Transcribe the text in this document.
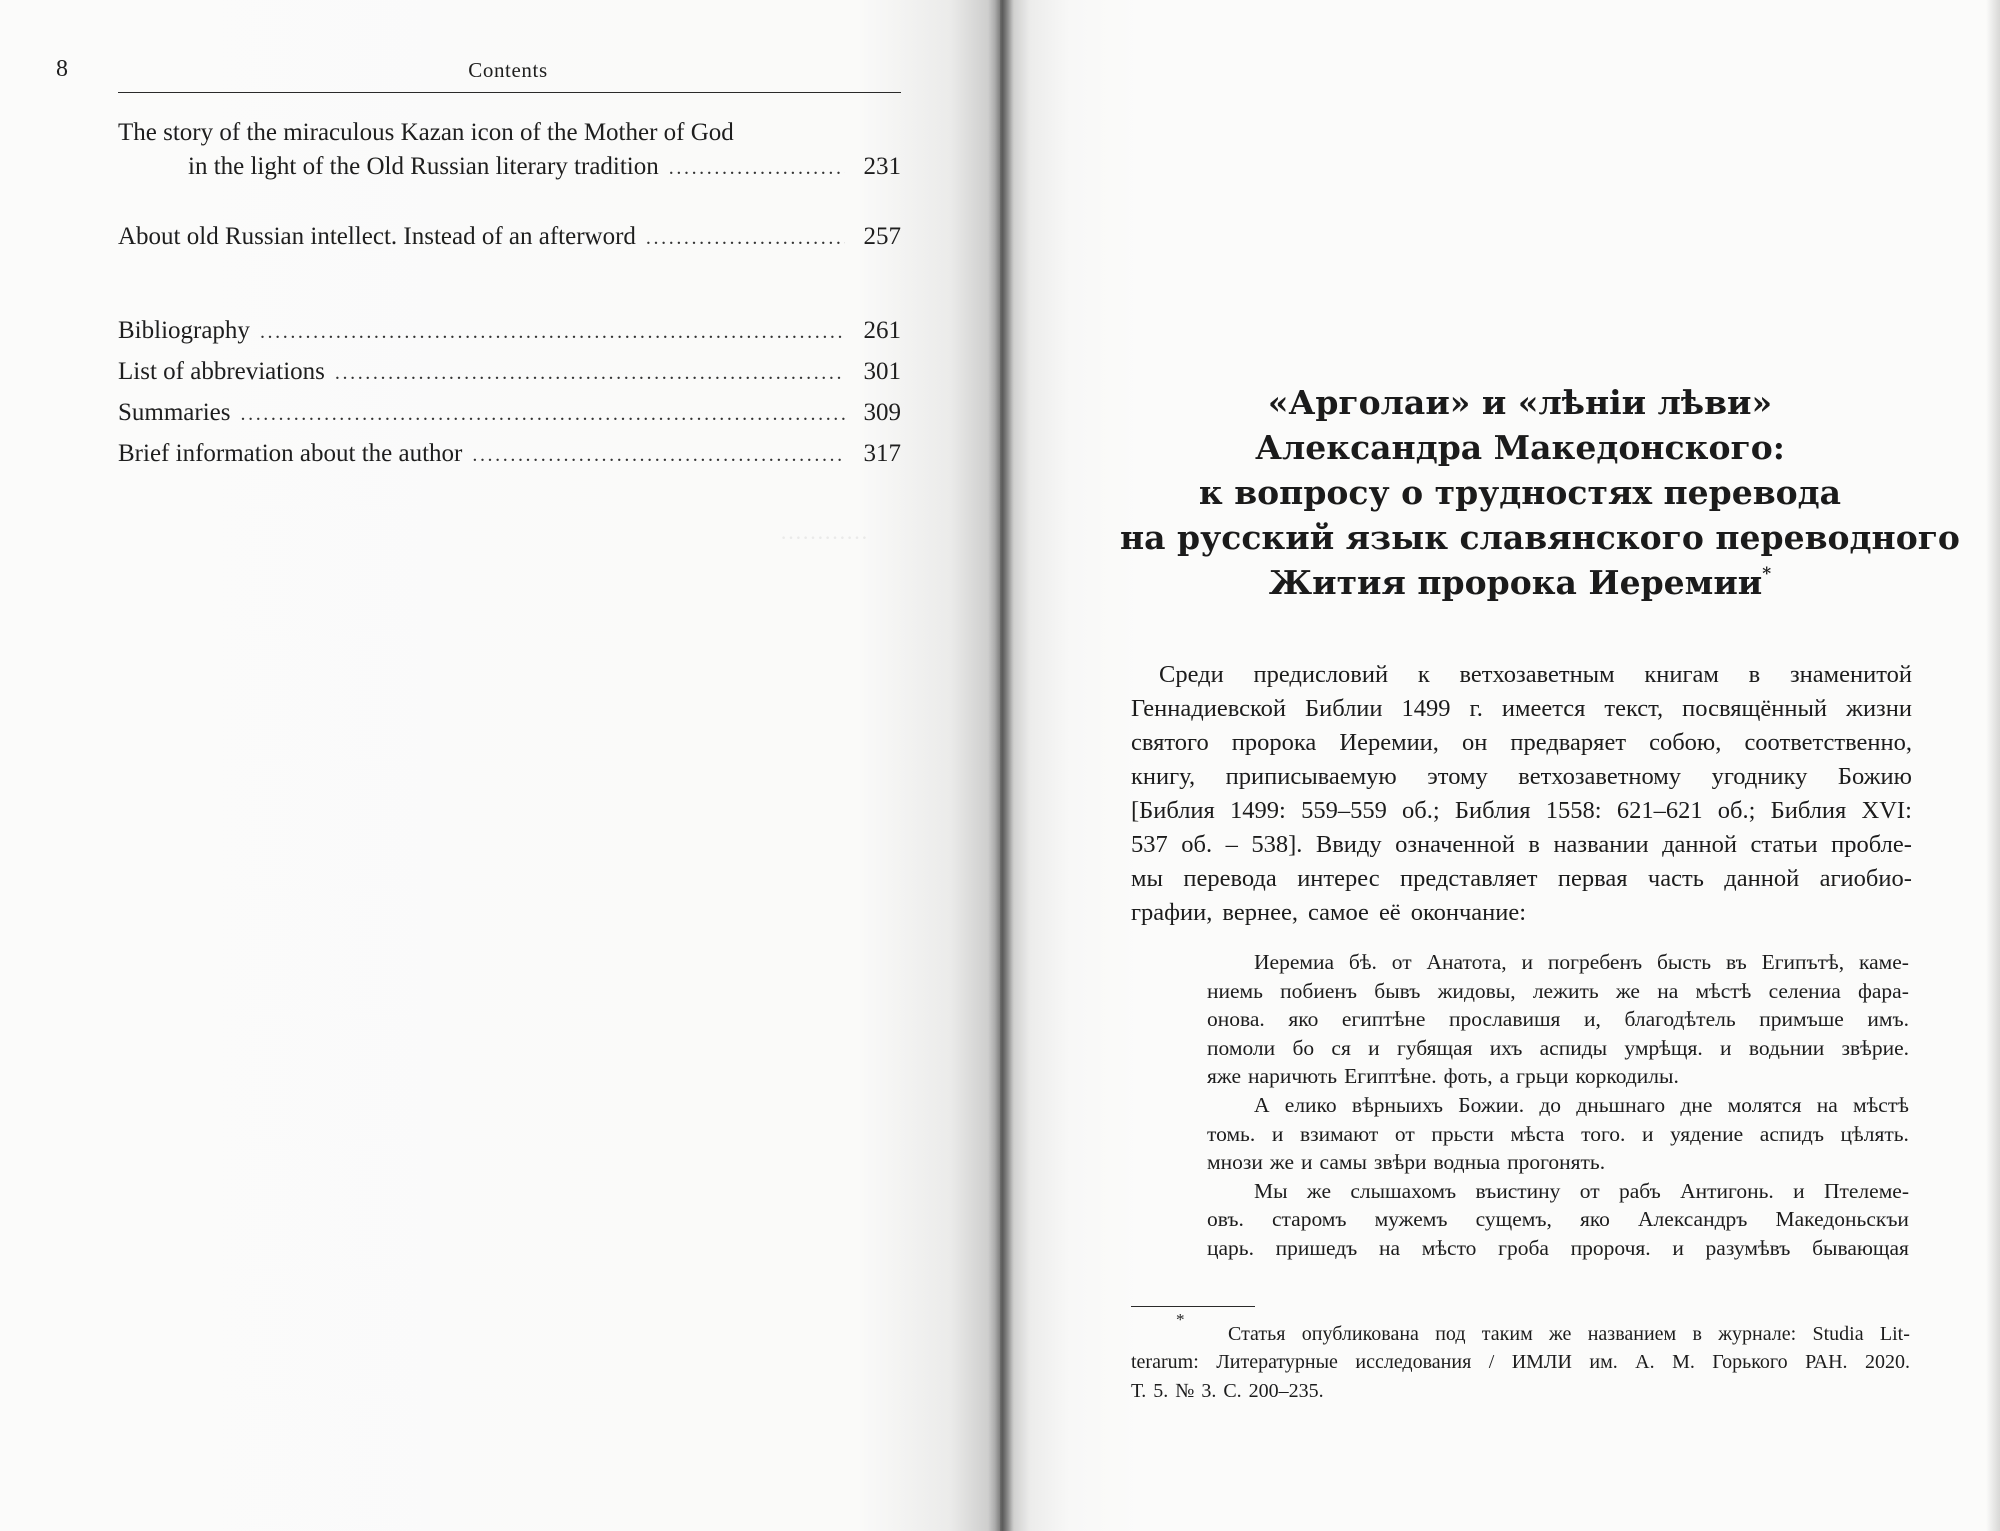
…………
8	Contents
The story of the miraculous Kazan icon of the Mother of God
in the light of the Old Russian literary tradition .....	231
About old Russian intellect. Instead of an afterword .....	257
Bibliography .....	261
List of abbreviations .....	301
Summaries .....	309
Brief information about the author .....	317
«Арголаи» и «лѣніи лѣви»
Александра Македонского:
к вопросу о трудностях перевода
на русский язык славянского переводного
Жития пророка Иеремии*
Среди предисловий к ветхозаветным книгам в знаменитой
Геннадиевской Библии 1499 г. имеется текст, посвящённый жизни
святого пророка Иеремии, он предваряет собою, соответственно,
книгу, приписываемую этому ветхозаветному угоднику Божию
[Библия 1499: 559–559 об.; Библия 1558: 621–621 об.; Библия XVI:
537 об. – 538]. Ввиду означенной в названии данной статьи пробле-
мы перевода интерес представляет первая часть данной агиобио-
графии, вернее, самое её окончание:
Иеремиа бѣ. от Анатота, и погребенъ бысть въ Египътѣ, каме-
ниемь побиенъ бывъ жидовы, лежить же на мѣстѣ селениа фара-
онова. яко египтѣне прославишя и, благодѣтель примъше имъ.
помоли бо ся и губящая ихъ аспиды умрѣщя. и водьнии звѣрие.
яже наричють Египтѣне. фоть, а грьци коркодилы.
А елико вѣрныихъ Божии. до дньшнаго дне молятся на мѣстѣ
томь. и взимают от прьсти мѣста того. и уядение аспидъ цѣлять.
мнози же и самы звѣри водныа прогонять.
Мы же слышахомъ въистину от рабъ Антигонь. и Птелеме-
овъ. старомъ мужемъ сущемъ, яко Александръ Македоньскъи
царь. пришедъ на мѣсто гроба пророчя. и разумѣвъ бывающая
*
Статья опубликована под таким же названием в журнале: Studia Lit-
terarum: Литературные исследования / ИМЛИ им. А. М. Горького РАН. 2020.
Т. 5. № 3. С. 200–235.
